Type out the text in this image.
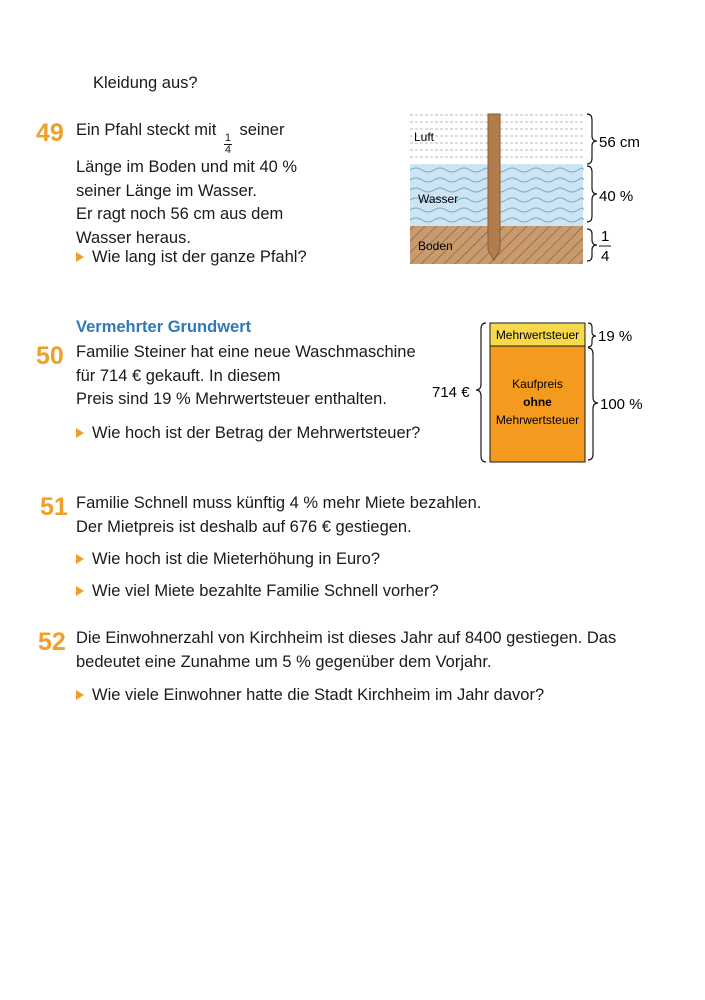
Kleidung aus?
49 Ein Pfahl steckt mit
$\frac{1}{4}$
seiner
Länge im Boden und mit 40 %
seiner Länge im Wasser.
Er ragt noch 56 cm aus dem
Wasser heraus.
Wie lang ist der ganze Pfahl?
Luft
Wasser
Boden
56 cm
40 %
1
4
Vermehrter Grundwert
50 Familie Steiner hat eine neue Waschmaschine
für 714 € gekauft. In diesem
Preis sind 19 % Mehrwertsteuer enthalten.
Wie hoch ist der Betrag der Mehrwertsteuer?
Mehrwertsteuer
Kaufpreis
ohne
Mehrwertsteuer
714 €
19 %
100 %
51 Familie Schnell muss künftig 4 % mehr Miete bezahlen.
Der Mietpreis ist deshalb auf 676 € gestiegen.
Wie hoch ist die Mieterhöhung in Euro?
Wie viel Miete bezahlte Familie Schnell vorher?
52 Die Einwohnerzahl von Kirchheim ist dieses Jahr auf 8400 gestiegen. Das
bedeutet eine Zunahme um 5 % gegenüber dem Vorjahr.
Wie viele Einwohner hatte die Stadt Kirchheim im Jahr davor?
